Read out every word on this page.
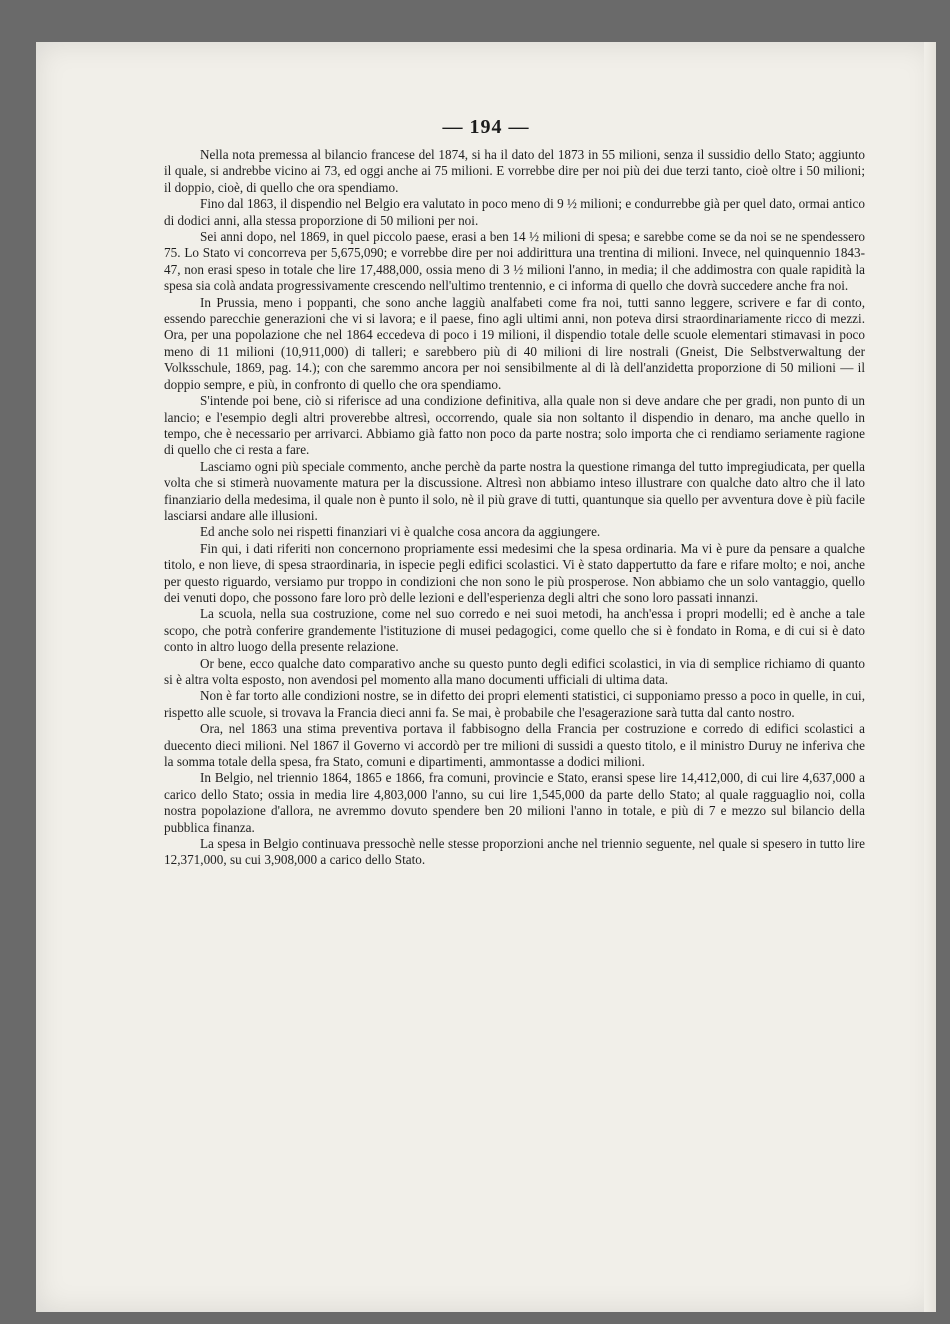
— 194 —

Nella nota premessa al bilancio francese del 1874, si ha il dato del 1873 in 55 milioni, senza il sussidio dello Stato; aggiunto il quale, si andrebbe vicino ai 73, ed oggi anche ai 75 milioni. E vorrebbe dire per noi più dei due terzi tanto, cioè oltre i 50 milioni; il doppio, cioè, di quello che ora spendiamo.

Fino dal 1863, il dispendio nel Belgio era valutato in poco meno di 9 ½ milioni; e condurrebbe già per quel dato, ormai antico di dodici anni, alla stessa proporzione di 50 milioni per noi.

Sei anni dopo, nel 1869, in quel piccolo paese, erasi a ben 14 ½ milioni di spesa; e sarebbe come se da noi se ne spendessero 75. Lo Stato vi concorreva per 5,675,090; e vorrebbe dire per noi addirittura una trentina di milioni. Invece, nel quinquennio 1843-47, non erasi speso in totale che lire 17,488,000, ossia meno di 3 ½ milioni l'anno, in media; il che addimostra con quale rapidità la spesa sia colà andata progressivamente crescendo nell'ultimo trentennio, e ci informa di quello che dovrà succedere anche fra noi.

In Prussia, meno i poppanti, che sono anche laggiù analfabeti come fra noi, tutti sanno leggere, scrivere e far di conto, essendo parecchie generazioni che vi si lavora; e il paese, fino agli ultimi anni, non poteva dirsi straordinariamente ricco di mezzi. Ora, per una popolazione che nel 1864 eccedeva di poco i 19 milioni, il dispendio totale delle scuole elementari stimavasi in poco meno di 11 milioni (10,911,000) di talleri; e sarebbero più di 40 milioni di lire nostrali (Gneist, Die Selbstverwaltung der Volksschule, 1869, pag. 14.); con che saremmo ancora per noi sensibilmente al di là dell'anzidetta proporzione di 50 milioni — il doppio sempre, e più, in confronto di quello che ora spendiamo.

S'intende poi bene, ciò si riferisce ad una condizione definitiva, alla quale non si deve andare che per gradi, non punto di un lancio; e l'esempio degli altri proverebbe altresì, occorrendo, quale sia non soltanto il dispendio in denaro, ma anche quello in tempo, che è necessario per arrivarci. Abbiamo già fatto non poco da parte nostra; solo importa che ci rendiamo seriamente ragione di quello che ci resta a fare.

Lasciamo ogni più speciale commento, anche perchè da parte nostra la questione rimanga del tutto impregiudicata, per quella volta che si stimerà nuovamente matura per la discussione. Altresì non abbiamo inteso illustrare con qualche dato altro che il lato finanziario della medesima, il quale non è punto il solo, nè il più grave di tutti, quantunque sia quello per avventura dove è più facile lasciarsi andare alle illusioni.

Ed anche solo nei rispetti finanziari vi è qualche cosa ancora da aggiungere.

Fin qui, i dati riferiti non concernono propriamente essi medesimi che la spesa ordinaria. Ma vi è pure da pensare a qualche titolo, e non lieve, di spesa straordinaria, in ispecie pegli edifici scolastici. Vi è stato dappertutto da fare e rifare molto; e noi, anche per questo riguardo, versiamo pur troppo in condizioni che non sono le più prosperose. Non abbiamo che un solo vantaggio, quello dei venuti dopo, che possono fare loro prò delle lezioni e dell'esperienza degli altri che sono loro passati innanzi.

La scuola, nella sua costruzione, come nel suo corredo e nei suoi metodi, ha anch'essa i propri modelli; ed è anche a tale scopo, che potrà conferire grandemente l'istituzione di musei pedagogici, come quello che si è fondato in Roma, e di cui si è dato conto in altro luogo della presente relazione.

Or bene, ecco qualche dato comparativo anche su questo punto degli edifici scolastici, in via di semplice richiamo di quanto si è altra volta esposto, non avendosi pel momento alla mano documenti ufficiali di ultima data.

Non è far torto alle condizioni nostre, se in difetto dei propri elementi statistici, ci supponiamo presso a poco in quelle, in cui, rispetto alle scuole, si trovava la Francia dieci anni fa. Se mai, è probabile che l'esagerazione sarà tutta dal canto nostro.

Ora, nel 1863 una stima preventiva portava il fabbisogno della Francia per costruzione e corredo di edifici scolastici a duecento dieci milioni. Nel 1867 il Governo vi accordò per tre milioni di sussidi a questo titolo, e il ministro Duruy ne inferiva che la somma totale della spesa, fra Stato, comuni e dipartimenti, ammontasse a dodici milioni.

In Belgio, nel triennio 1864, 1865 e 1866, fra comuni, provincie e Stato, eransi spese lire 14,412,000, di cui lire 4,637,000 a carico dello Stato; ossia in media lire 4,803,000 l'anno, su cui lire 1,545,000 da parte dello Stato; al quale ragguaglio noi, colla nostra popolazione d'allora, ne avremmo dovuto spendere ben 20 milioni l'anno in totale, e più di 7 e mezzo sul bilancio della pubblica finanza.

La spesa in Belgio continuava pressochè nelle stesse proporzioni anche nel triennio seguente, nel quale si spesero in tutto lire 12,371,000, su cui 3,908,000 a carico dello Stato.
